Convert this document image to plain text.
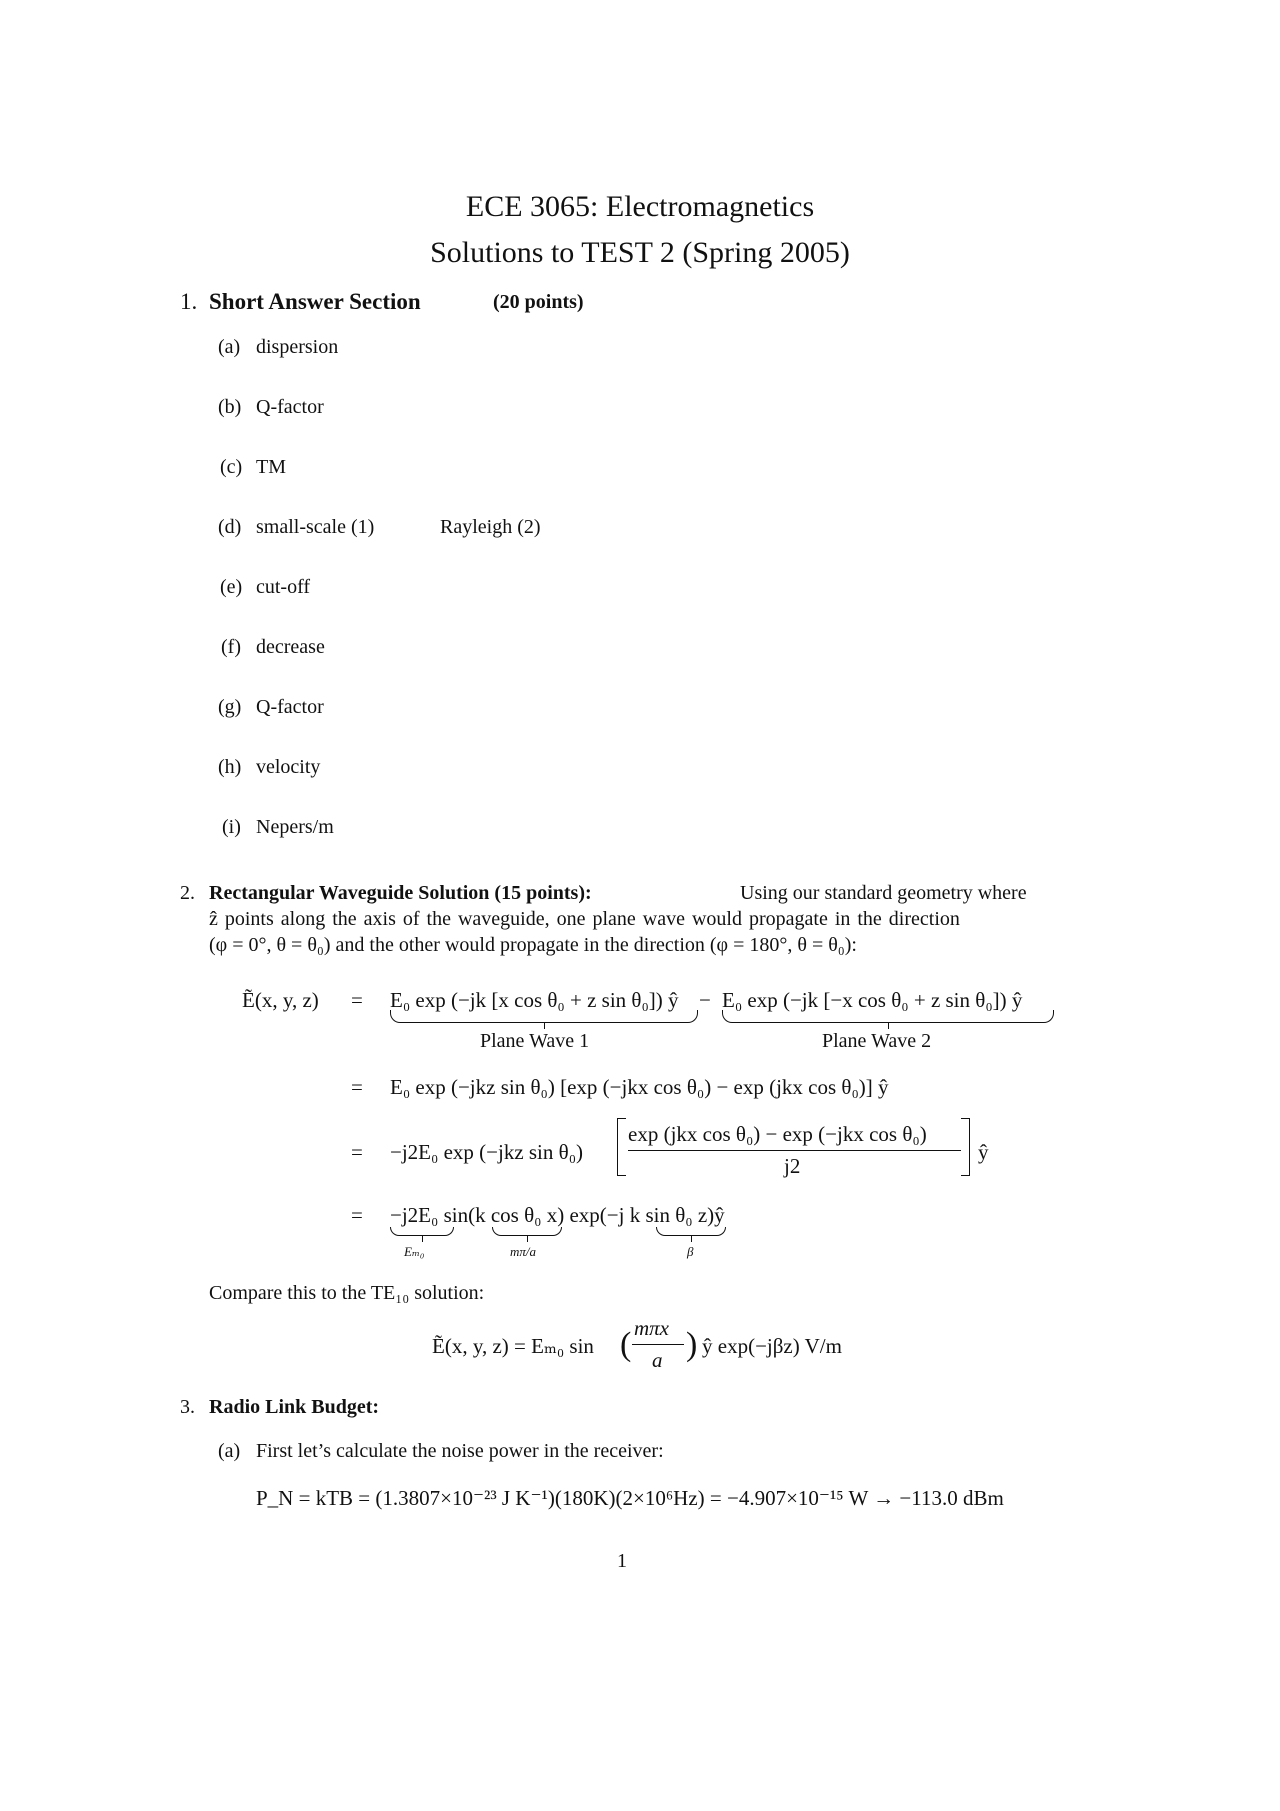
ECE 3065: Electromagnetics
Solutions to TEST 2 (Spring 2005)
1. Short Answer Section	(20 points)
(a) dispersion
(b) Q-factor
(c) TM
(d) small-scale (1)	Rayleigh (2)
(e) cut-off
(f) decrease
(g) Q-factor
(h) velocity
(i) Nepers/m
2. Rectangular Waveguide Solution (15 points):	Using our standard geometry where
ẑ points along the axis of the waveguide, one plane wave would propagate in the direction
(φ = 0°, θ = θ₀) and the other would propagate in the direction (φ = 180°, θ = θ₀):
Ẽ(x, y, z) = E₀ exp (−jk [x cos θ₀ + z sin θ₀]) ŷ − E₀ exp (−jk [−x cos θ₀ + z sin θ₀]) ŷ
Plane Wave 1	Plane Wave 2
= E₀ exp (−jkz sin θ₀) [exp (−jkx cos θ₀) − exp (jkx cos θ₀)] ŷ
= −j2E₀ exp (−jkz sin θ₀)
exp (jkx cos θ₀) − exp (−jkx cos θ₀)
j2
ŷ
= −j2E₀ sin(k cos θ₀ x) exp(−j k sin θ₀ z)ŷ
Eₘ₀	mπ/a	β
Compare this to the TE₁₀ solution:
Ẽ(x, y, z) = Eₘ₀ sin ( mπx
a ) ŷ exp(−jβz) V/m
3. Radio Link Budget:
(a) First let’s calculate the noise power in the receiver:
P_N = kTB = (1.3807×10⁻²³ J K⁻¹)(180K)(2×10⁶Hz) = −4.907×10⁻¹⁵ W → −113.0 dBm
1
